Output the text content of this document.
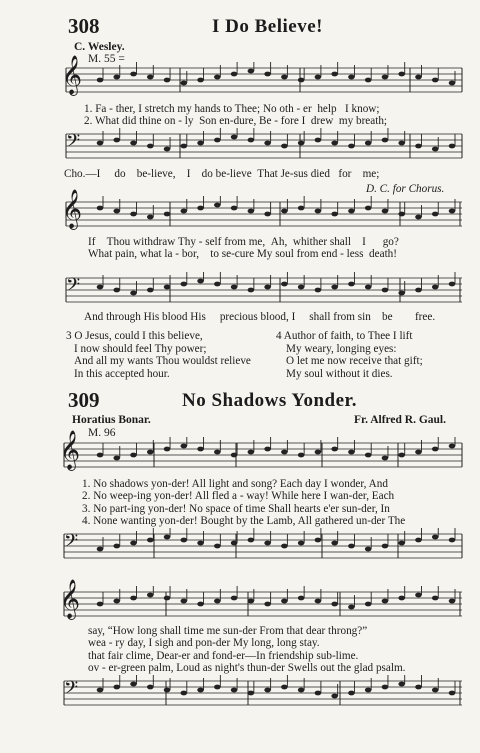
308	I Do Believe!
C. Wesley.
M. 55 =
𝄞
1. Fa - ther, I stretch my hands to Thee; No oth - er help I know;
2. What did thine on - ly Son en-dure, Be - fore I drew my breath;
𝄢
Cho.—I do be-lieve, I do be-lieve That Je-sus died for me;
D. C. for Chorus.
𝄞
If Thou withdraw Thy - self from me, Ah, whither shall I go?
What pain, what la - bor, to se-cure My soul from end - less death!
𝄢
And through His blood His precious blood, I shall from sin be free.
3 O Jesus, could I this believe,
I now should feel Thy power;
And all my wants Thou wouldst relieve
In this accepted hour.
4 Author of faith, to Thee I lift
My weary, longing eyes:
O let me now receive that gift;
My soul without it dies.
309	No Shadows Yonder.
Horatius Bonar.	Fr. Alfred R. Gaul.
M. 96
𝄞
1. No shadows yon-der! All light and song? Each day I wonder, And
2. No weep-ing yon-der! All fled a - way! While here I wan-der, Each
3. No part-ing yon-der! No space of time Shall hearts e'er sun-der, In
4. None wanting yon-der! Bought by the Lamb, All gathered un-der The
𝄢
𝄞
say, “How long shall time me sun-der From that dear throng?”
wea - ry day, I sigh and pon-der My long, long stay.
that fair clime, Dear-er and fond-er—In friendship sub-lime.
ov - er-green palm, Loud as night's thun-der Swells out the glad psalm.
𝄢
